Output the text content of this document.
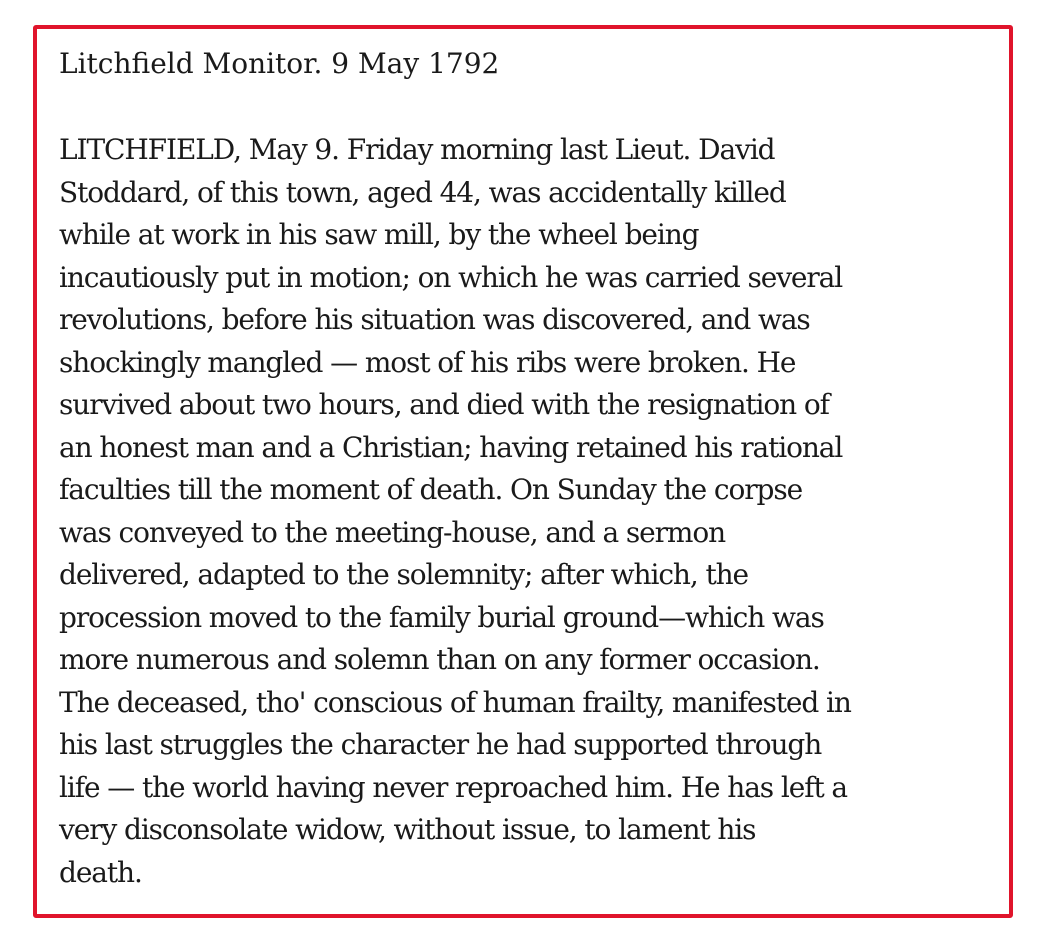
Litchfield Monitor. 9 May 1792

LITCHFIELD, May 9. Friday morning last Lieut. David
Stoddard, of this town, aged 44, was accidentally killed
while at work in his saw mill, by the wheel being
incautiously put in motion; on which he was carried several
revolutions, before his situation was discovered, and was
shockingly mangled — most of his ribs were broken. He
survived about two hours, and died with the resignation of
an honest man and a Christian; having retained his rational
faculties till the moment of death. On Sunday the corpse
was conveyed to the meeting-house, and a sermon
delivered, adapted to the solemnity; after which, the
procession moved to the family burial ground—which was
more numerous and solemn than on any former occasion.
The deceased, tho' conscious of human frailty, manifested in
his last struggles the character he had supported through
life — the world having never reproached him. He has left a
very disconsolate widow, without issue, to lament his
death.
